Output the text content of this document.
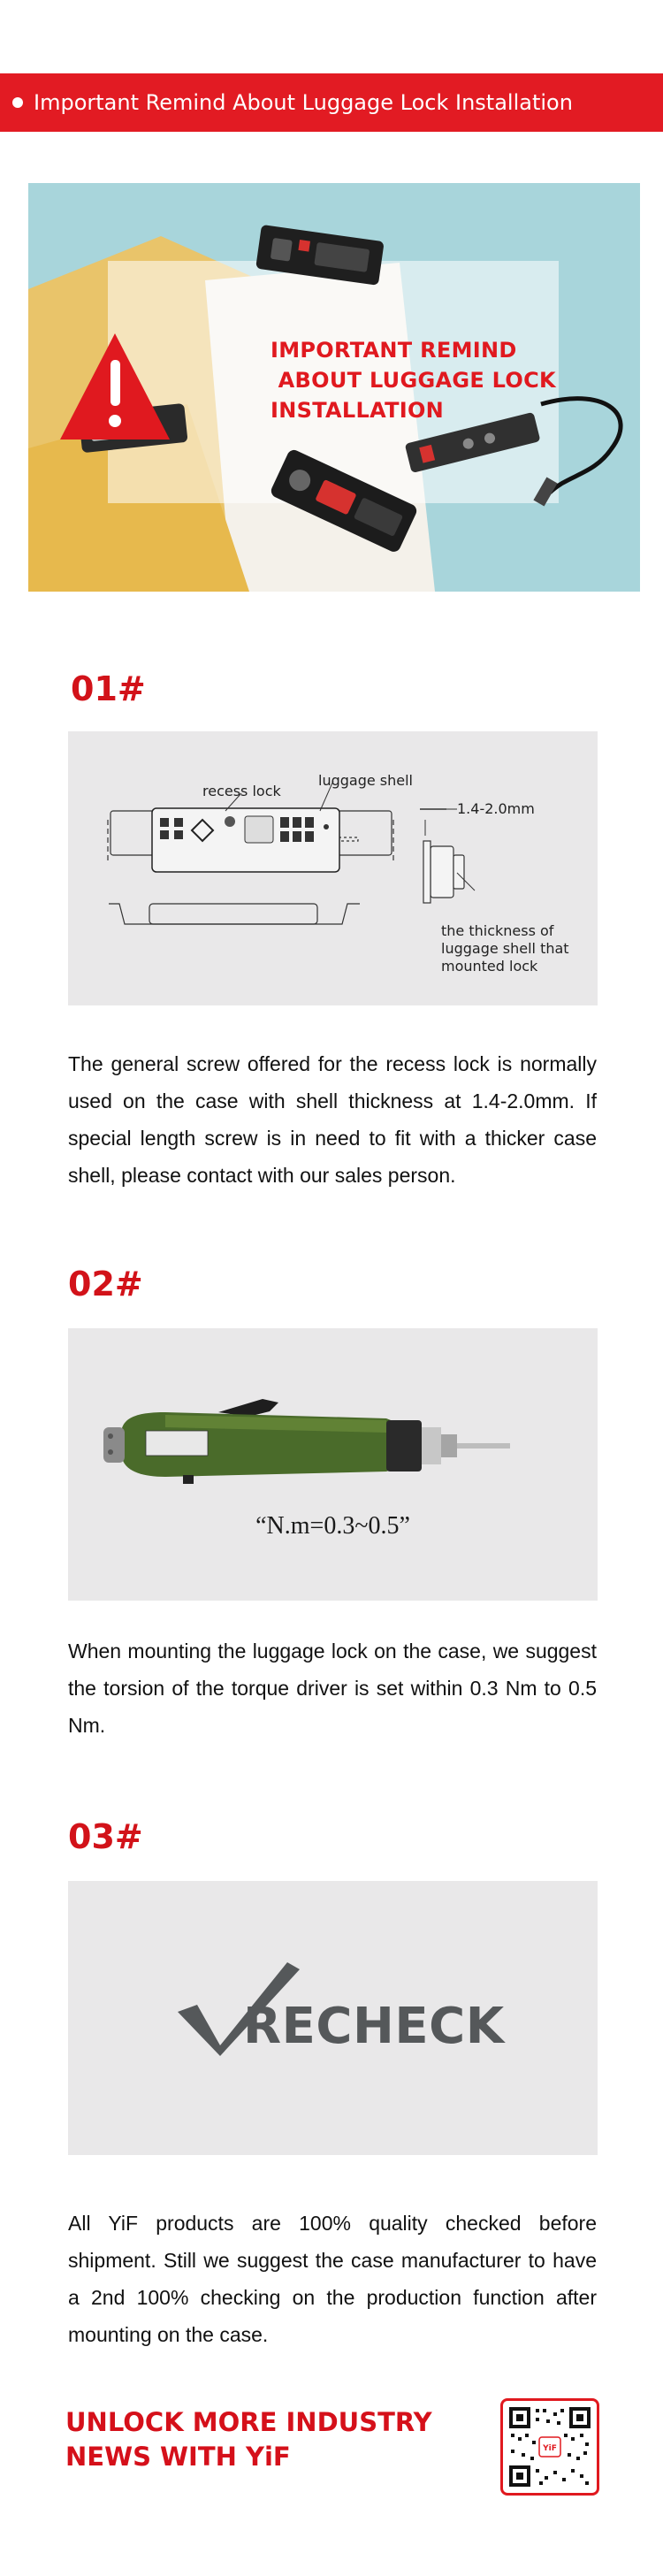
Important Remind About Luggage Lock Installation
IMPORTANT REMIND
ABOUT LUGGAGE LOCK
INSTALLATION
01#
recess lock
luggage shell
1.4-2.0mm
the thickness of
luggage shell that
mounted lock
The general screw offered for the recess lock is normally used on the case with shell thickness at 1.4-2.0mm. If special length screw is in need to fit with a thicker case shell, please contact with our sales person.
02#
“N.m=0.3~0.5”
When mounting the luggage lock on the case, we suggest the torsion of the torque driver is set within 0.3 Nm to 0.5 Nm.
03#
RECHECK
All YiF products are 100% quality checked before shipment. Still we suggest the case manufacturer to have a 2nd 100% checking on the production function after mounting on the case.
UNLOCK MORE INDUSTRY
NEWS WITH YiF	YiF
